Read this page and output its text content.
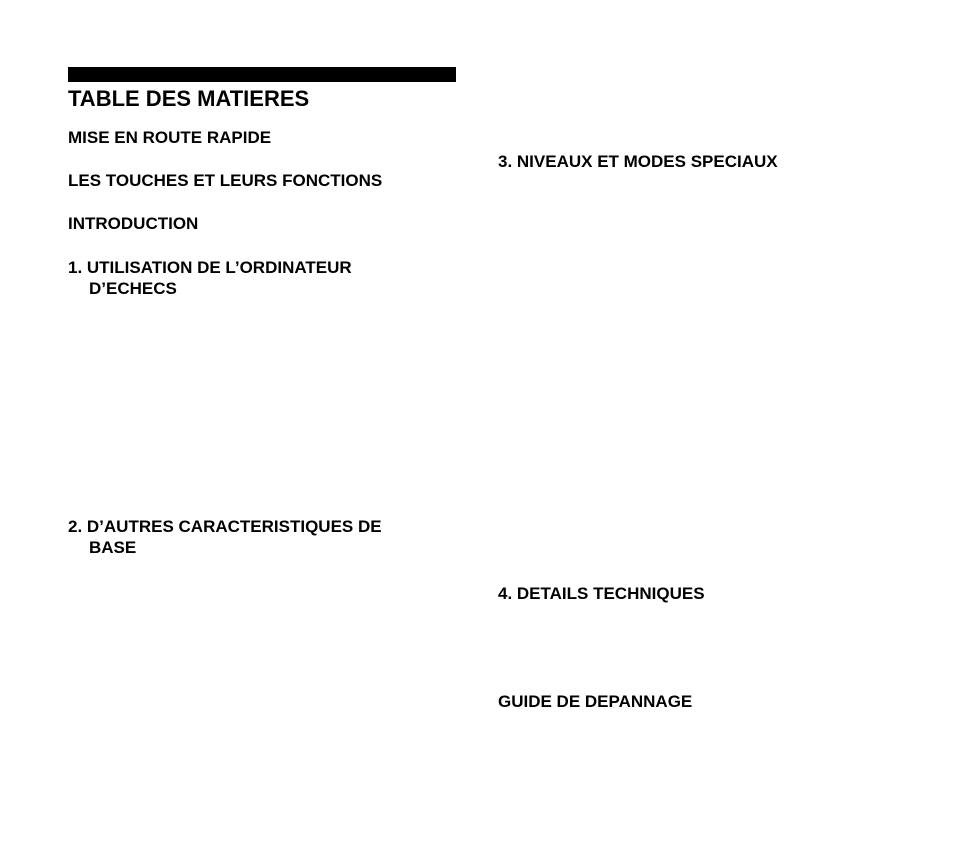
TABLE DES MATIERES
MISE EN ROUTE RAPIDE
LES TOUCHES ET LEURS FONCTIONS
INTRODUCTION
1. UTILISATION DE L’ORDINATEUR
D’ECHECS
2. D’AUTRES CARACTERISTIQUES DE
BASE
3. NIVEAUX ET MODES SPECIAUX
4. DETAILS TECHNIQUES
GUIDE DE DEPANNAGE
